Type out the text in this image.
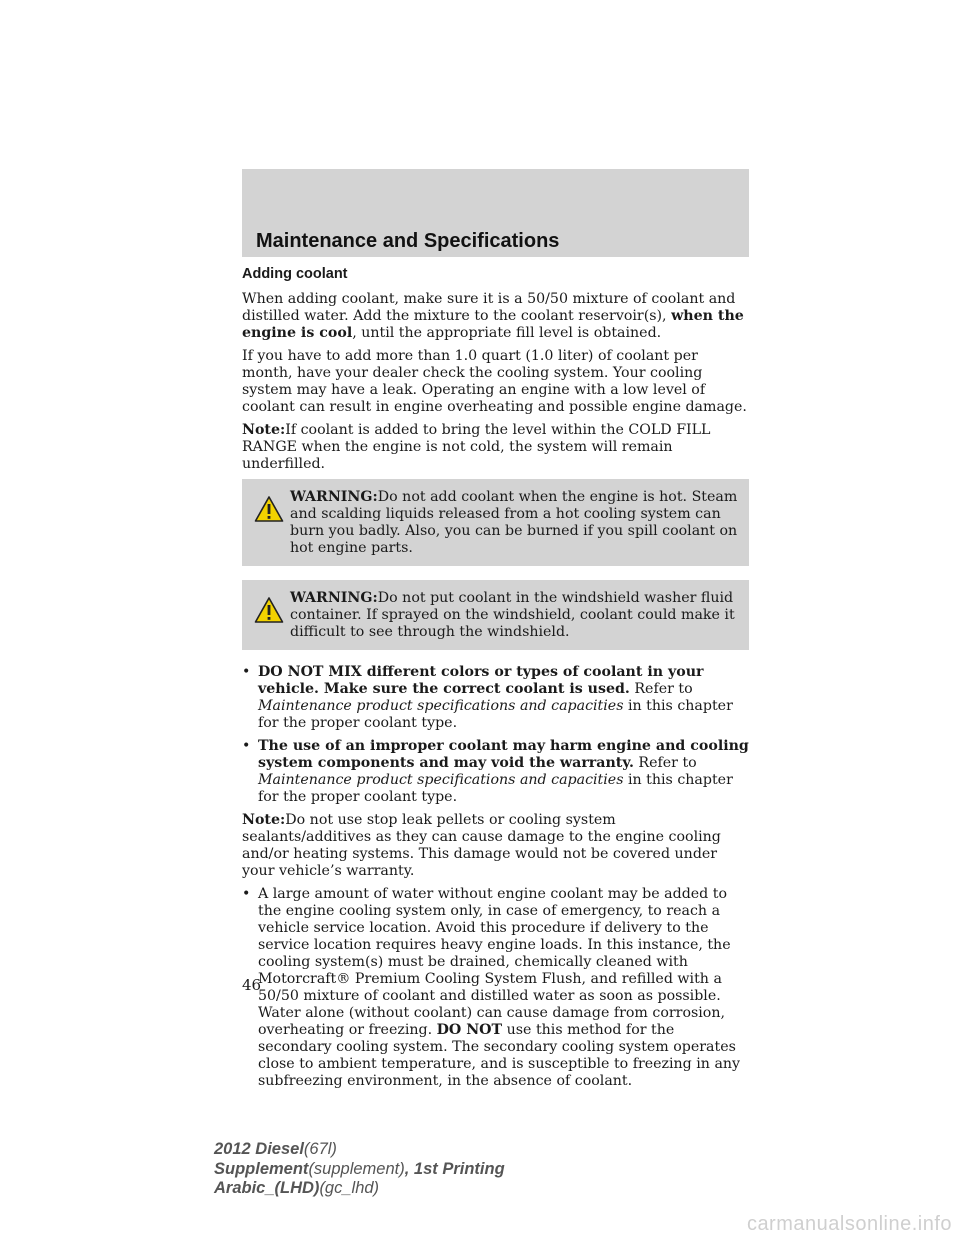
Maintenance and Specifications
Adding coolant

When adding coolant, make sure it is a 50/50 mixture of coolant and distilled water. Add the mixture to the coolant reservoir(s), when the engine is cool, until the appropriate fill level is obtained.

If you have to add more than 1.0 quart (1.0 liter) of coolant per month, have your dealer check the cooling system. Your cooling system may have a leak. Operating an engine with a low level of coolant can result in engine overheating and possible engine damage.

Note:If coolant is added to bring the level within the COLD FILL RANGE when the engine is not cold, the system will remain underfilled.

WARNING:Do not add coolant when the engine is hot. Steam and scalding liquids released from a hot cooling system can burn you badly. Also, you can be burned if you spill coolant on hot engine parts.
WARNING:Do not put coolant in the windshield washer fluid container. If sprayed on the windshield, coolant could make it difficult to see through the windshield.
• DO NOT MIX different colors or types of coolant in your vehicle. Make sure the correct coolant is used. Refer to Maintenance product specifications and capacities in this chapter for the proper coolant type.
• The use of an improper coolant may harm engine and cooling system components and may void the warranty. Refer to Maintenance product specifications and capacities in this chapter for the proper coolant type.

Note:Do not use stop leak pellets or cooling system sealants/additives as they can cause damage to the engine cooling and/or heating systems. This damage would not be covered under your vehicle’s warranty.

• A large amount of water without engine coolant may be added to the engine cooling system only, in case of emergency, to reach a vehicle service location. Avoid this procedure if delivery to the service location requires heavy engine loads. In this instance, the cooling system(s) must be drained, chemically cleaned with Motorcraft® Premium Cooling System Flush, and refilled with a 50/50 mixture of coolant and distilled water as soon as possible. Water alone (without coolant) can cause damage from corrosion, overheating or freezing. DO NOT use this method for the secondary cooling system. The secondary cooling system operates close to ambient temperature, and is susceptible to freezing in any subfreezing environment, in the absence of coolant.
46
2012 Diesel(67l)
Supplement(supplement), 1st Printing
Arabic_(LHD)(gc_lhd)
carmanualsonline.info
